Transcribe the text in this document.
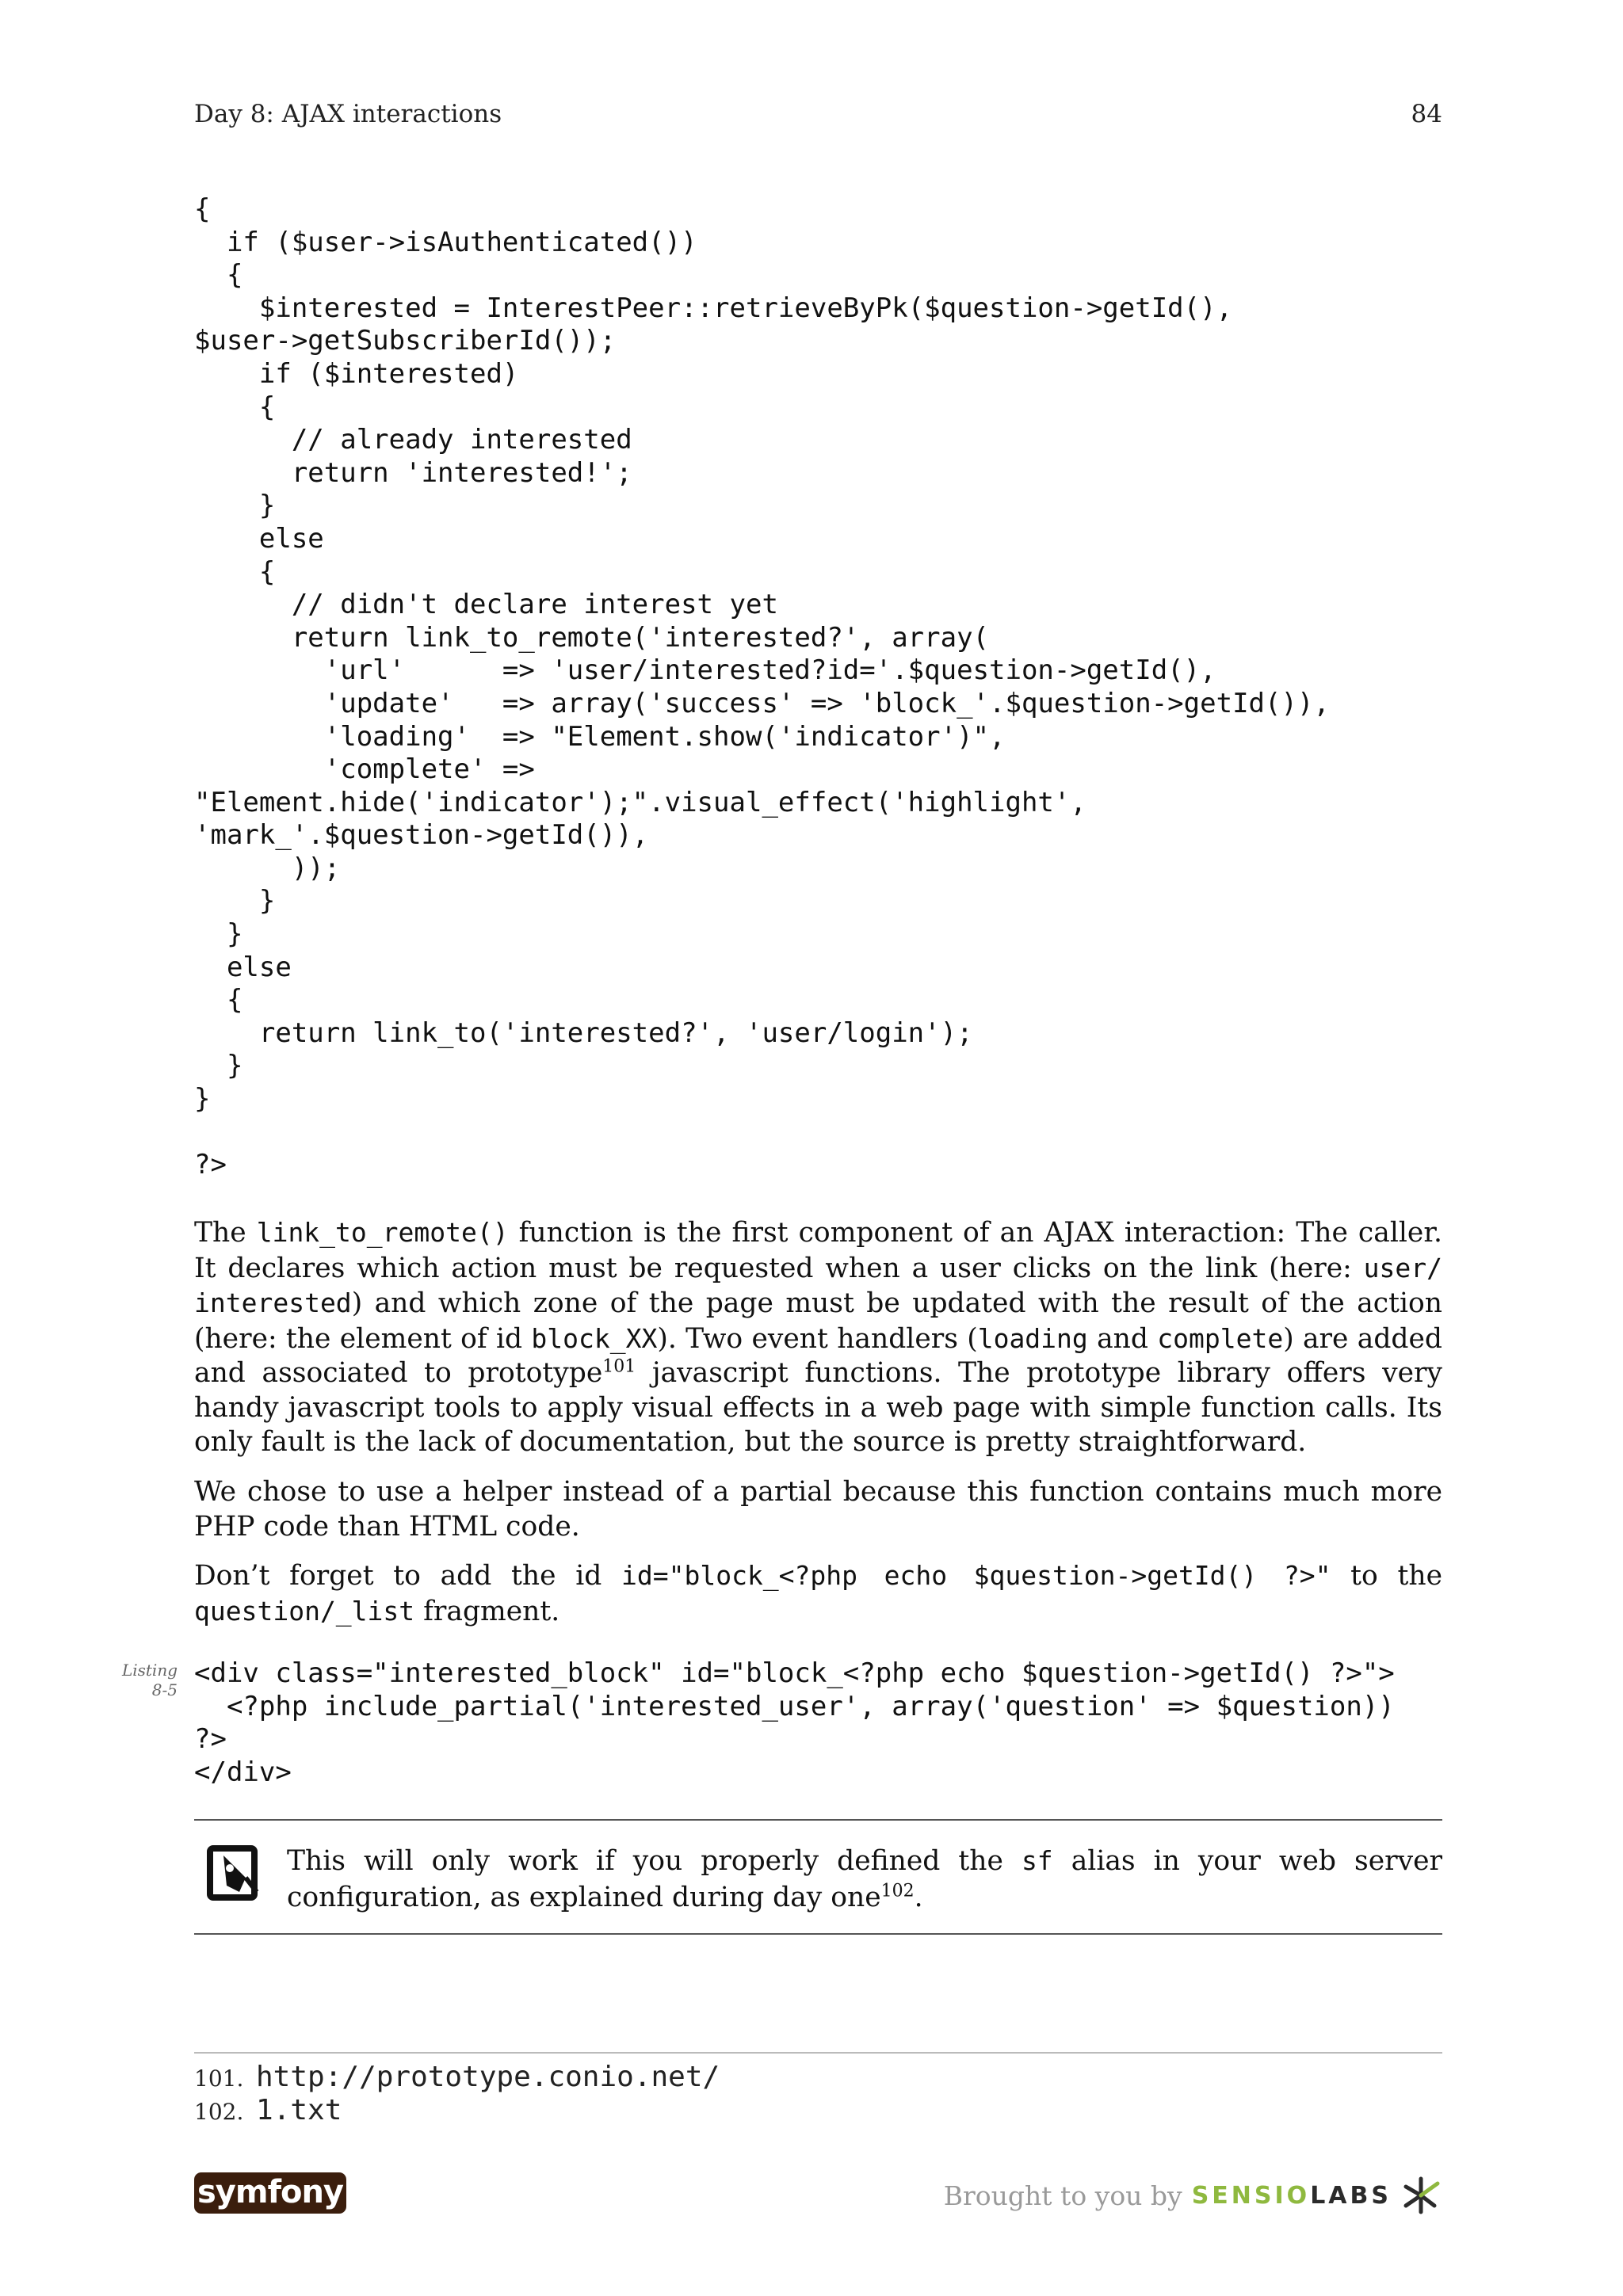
Day 8: AJAX interactions	84
{
if ($user->isAuthenticated())
{
$interested = InterestPeer::retrieveByPk($question->getId(),
$user->getSubscriberId());
if ($interested)
{
// already interested
return 'interested!';
}
else
{
// didn't declare interest yet
return link_to_remote('interested?', array(
'url'      => 'user/interested?id='.$question->getId(),
'update'   => array('success' => 'block_'.$question->getId()),
'loading'  => "Element.show('indicator')",
'complete' =>
"Element.hide('indicator');".visual_effect('highlight',
'mark_'.$question->getId()),
));
}
}
else
{
return link_to('interested?', 'user/login');
}
}

?>

The link_to_remote() function is the first component of an AJAX interaction: The caller. It declares which action must be requested when a user clicks on the link (here: user/ interested) and which zone of the page must be updated with the result of the action (here: the element of id block_XX). Two event handlers (loading and complete) are added and associated to prototype$^{101}$ javascript functions. The prototype library offers very handy javascript tools to apply visual effects in a web page with simple function calls. Its only fault is the lack of documentation, but the source is pretty straightforward.

We chose to use a helper instead of a partial because this function contains much more PHP code than HTML code.

Don’t forget to add the id id="block_<?php echo $question->getId() ?>" to the question/_list fragment.

Listing
8-5
<div class="interested_block" id="block_<?php echo $question->getId() ?>">
<?php include_partial('interested_user', array('question' => $question))
?>
</div>

This will only work if you properly defined the sf alias in your web server configuration, as explained during day one$^{102}$.

101. http://prototype.conio.net/
102. 1.txt
symfony	Brought to you by SENSIO LABS
